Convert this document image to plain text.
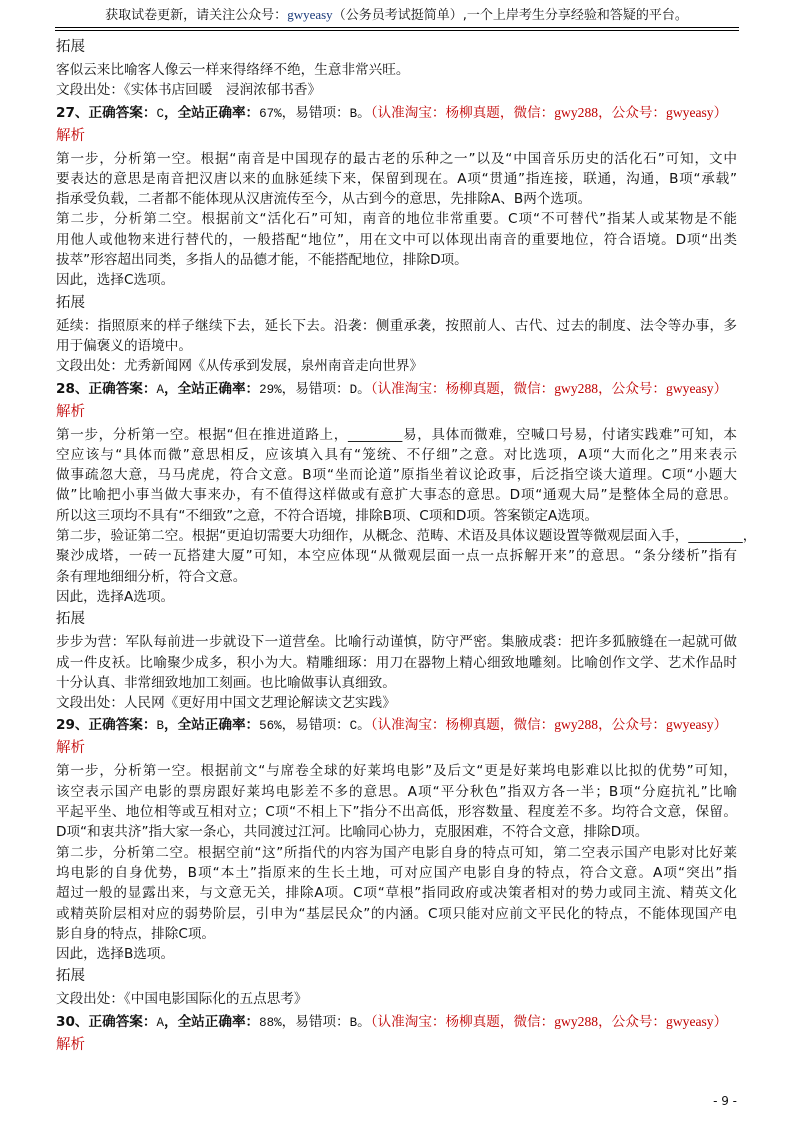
获取试卷更新，请关注公众号：gwyeasy（公务员考试挺简单）,一个上岸考生分享经验和答疑的平台。
拓展
客似云来比喻客人像云一样来得络绎不绝，生意非常兴旺。
文段出处：《实体书店回暖　浸润浓郁书香》
27、正确答案：C，全站正确率：67%，易错项：B。（认准淘宝：杨柳真题，微信：gwy288，公众号：gwyeasy）
解析
第一步，分析第一空。根据“南音是中国现存的最古老的乐种之一”以及“中国音乐历史的活化石”可知，文中
要表达的意思是南音把汉唐以来的血脉延续下来，保留到现在。A项“贯通”指连接，联通，沟通，B项“承载”
指承受负载，二者都不能体现从汉唐流传至今，从古到今的意思，先排除A、B两个选项。
第二步，分析第二空。根据前文“活化石”可知，南音的地位非常重要。C项“不可替代”指某人或某物是不能
用他人或他物来进行替代的，一般搭配“地位”，用在文中可以体现出南音的重要地位，符合语境。D项“出类
拔萃”形容超出同类，多指人的品德才能，不能搭配地位，排除D项。
因此，选择C选项。
拓展
延续：指照原来的样子继续下去，延长下去。沿袭：侧重承袭，按照前人、古代、过去的制度、法令等办事，多
用于偏褒义的语境中。
文段出处：尤秀新闻网《从传承到发展，泉州南音走向世界》
28、正确答案：A，全站正确率：29%，易错项：D。（认准淘宝：杨柳真题，微信：gwy288，公众号：gwyeasy）
解析
第一步，分析第一空。根据“但在推进道路上，________易，具体而微难，空喊口号易，付诸实践难”可知，本
空应该与“具体而微”意思相反，应该填入具有“笼统、不仔细”之意。对比选项，A项“大而化之”用来表示
做事疏忽大意，马马虎虎，符合文意。B项“坐而论道”原指坐着议论政事，后泛指空谈大道理。C项“小题大
做”比喻把小事当做大事来办，有不值得这样做或有意扩大事态的意思。D项“通观大局”是整体全局的意思。
所以这三项均不具有“不细致”之意，不符合语境，排除B项、C项和D项。答案锁定A选项。
第二步，验证第二空。根据“更迫切需要大功细作，从概念、范畴、术语及具体议题设置等微观层面入手，________，
聚沙成塔，一砖一瓦搭建大厦”可知，本空应体现“从微观层面一点一点拆解开来”的意思。“条分缕析”指有
条有理地细细分析，符合文意。
因此，选择A选项。
拓展
步步为营：军队每前进一步就设下一道营垒。比喻行动谨慎，防守严密。集腋成裘：把许多狐腋缝在一起就可做
成一件皮袄。比喻聚少成多，积小为大。精雕细琢：用刀在器物上精心细致地雕刻。比喻创作文学、艺术作品时
十分认真、非常细致地加工刻画。也比喻做事认真细致。
文段出处：人民网《更好用中国文艺理论解读文艺实践》
29、正确答案：B，全站正确率：56%，易错项：C。（认准淘宝：杨柳真题，微信：gwy288，公众号：gwyeasy）
解析
第一步，分析第一空。根据前文“与席卷全球的好莱坞电影”及后文“更是好莱坞电影难以比拟的优势”可知，
该空表示国产电影的票房跟好莱坞电影差不多的意思。A项“平分秋色”指双方各一半；B项“分庭抗礼”比喻
平起平坐、地位相等或互相对立；C项“不相上下”指分不出高低，形容数量、程度差不多。均符合文意，保留。
D项“和衷共济”指大家一条心，共同渡过江河。比喻同心协力，克服困难，不符合文意，排除D项。
第二步，分析第二空。根据空前“这”所指代的内容为国产电影自身的特点可知，第二空表示国产电影对比好莱
坞电影的自身优势，B项“本土”指原来的生长土地，可对应国产电影自身的特点，符合文意。A项“突出”指
超过一般的显露出来，与文意无关，排除A项。C项“草根”指同政府或决策者相对的势力或同主流、精英文化
或精英阶层相对应的弱势阶层，引申为“基层民众”的内涵。C项只能对应前文平民化的特点，不能体现国产电
影自身的特点，排除C项。
因此，选择B选项。
拓展
文段出处：《中国电影国际化的五点思考》
30、正确答案：A，全站正确率：88%，易错项：B。（认准淘宝：杨柳真题，微信：gwy288，公众号：gwyeasy）
解析
- 9 -
